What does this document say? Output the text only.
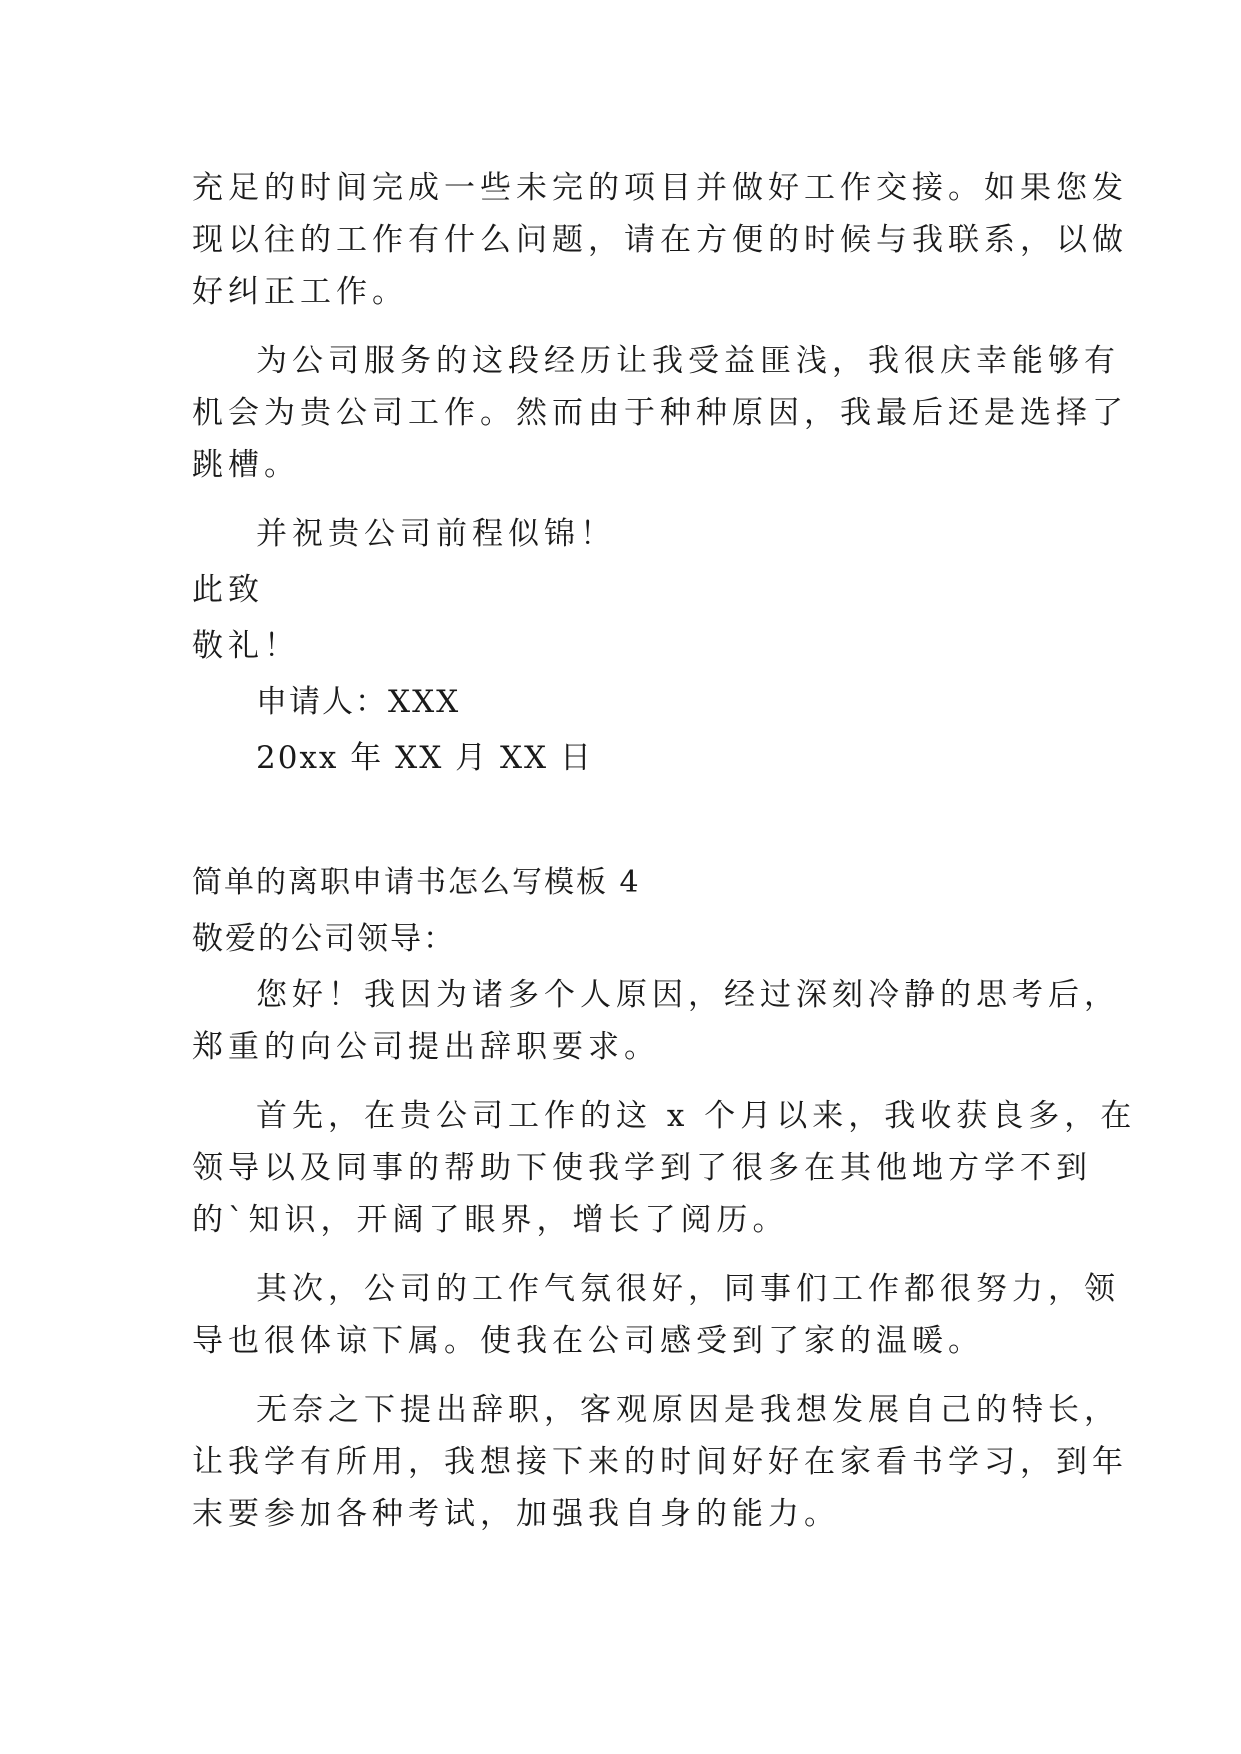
充足的时间完成一些未完的项目并做好工作交接。如果您发
现以往的工作有什么问题，请在方便的时候与我联系，以做
好纠正工作。
为公司服务的这段经历让我受益匪浅，我很庆幸能够有
机会为贵公司工作。然而由于种种原因，我最后还是选择了
跳槽。
并祝贵公司前程似锦！
此致
敬礼！
申请人：XXX
20xx 年 XX 月 XX 日
简单的离职申请书怎么写模板 4
敬爱的公司领导：
您好！我因为诸多个人原因，经过深刻冷静的思考后，
郑重的向公司提出辞职要求。
首先，在贵公司工作的这 x 个月以来，我收获良多，在
领导以及同事的帮助下使我学到了很多在其他地方学不到
的`知识，开阔了眼界，增长了阅历。
其次，公司的工作气氛很好，同事们工作都很努力，领
导也很体谅下属。使我在公司感受到了家的温暖。
无奈之下提出辞职，客观原因是我想发展自己的特长，
让我学有所用，我想接下来的时间好好在家看书学习，到年
末要参加各种考试，加强我自身的能力。
